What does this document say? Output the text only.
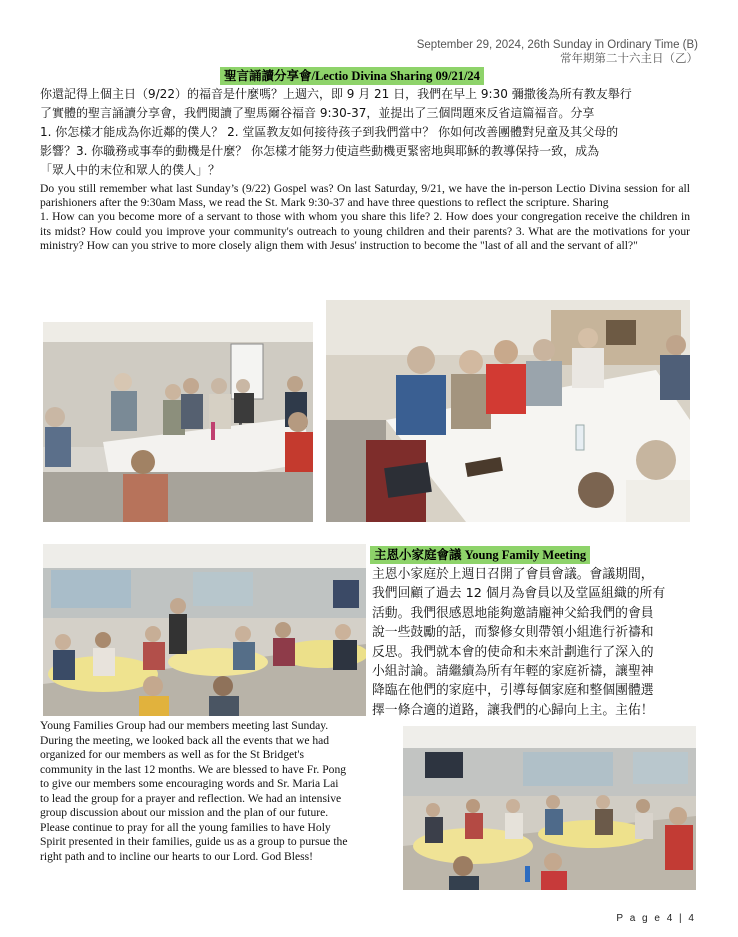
September 29, 2024, 26th Sunday in Ordinary Time (B)
常年期第二十六主日（乙）
聖言誦讀分享會/Lectio Divina Sharing 09/21/24
你還記得上個主日（9/22）的福音是什麼嗎？上週六，即 9 月 21 日，我們在早上 9:30 彌撒後為所有教友舉行
了實體的聖言誦讀分享會，我們閱讀了聖馬爾谷福音 9:30-37，並提出了三個問題來反省這篇福音。分享
1. 你怎樣才能成為你近鄰的僕人？ 2. 堂區教友如何接待孩子到我們當中？ 你如何改善團體對兒童及其父母的
影響？3. 你職務或事奉的動機是什麼？ 你怎樣才能努力使這些動機更緊密地與耶穌的教導保持一致，成為
「眾人中的末位和眾人的僕人」？
Do you still remember what last Sunday’s (9/22) Gospel was? On last Saturday, 9/21, we have the in-person Lectio Divina session for all parishioners after the 9:30am Mass, we read the St. Mark 9:30-37 and have three questions to reflect the scripture. Sharing
1. How can you become more of a servant to those with whom you share this life? 2. How does your congregation receive the children in its midst? How could you improve your community's outreach to young children and their parents? 3. What are the motivations for your ministry? How can you strive to more closely align them with Jesus' instruction to become the "last of all and the servant of all?"
主恩小家庭會議 Young Family Meeting
主恩小家庭於上週日召開了會員會議。會議期間，
我們回顧了過去 12 個月為會員以及堂區組織的所有
活動。我們很感恩地能夠邀請龐神父給我們的會員
說一些鼓勵的話，而黎修女則帶領小組進行祈禱和
反思。我們就本會的使命和未來計劃進行了深入的
小組討論。請繼續為所有年輕的家庭祈禱，讓聖神
降臨在他們的家庭中，引導每個家庭和整個團體選
擇一條合適的道路，讓我們的心歸向上主。主佑！
Young Families Group had our members meeting last Sunday.
During the meeting, we looked back all the events that we had
organized for our members as well as for the St Bridget's
community in the last 12 months. We are blessed to have Fr. Pong
to give our members some encouraging words and Sr. Maria Lai
to lead the group for a prayer and reflection. We had an intensive
group discussion about our mission and the plan of our future.
Please continue to pray for all the young families to have Holy
Spirit presented in their families, guide us as a group to pursue the
right path and to incline our hearts to our Lord. God Bless!
P a g e 4 | 4
